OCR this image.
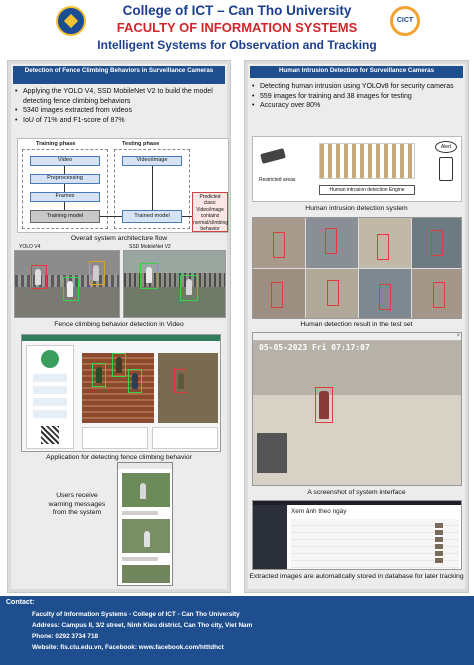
CICT
College of ICT – Can Tho University
FACULTY OF INFORMATION SYSTEMS
Intelligent Systems for Observation and Tracking
Detection of Fence Climbing Behaviors in Surveillance Cameras
• Applying the YOLO V4, SSD MobileNet V2 to build the model detecting fence climbing behaviors
• 5340 images extracted from videos
• IoU of 71% and F1-score of 87%
Training phase	Testing phase
Video
Preprocessing
Frames
Training model
Video/image
Trained model
Predicted class: Video/image contains normal/climbing behavior
Overall system architecture flow
YOLO V4	SSD MobileNet V2
Fence climbing behavior detection in Video
Application for detecting fence climbing behavior
Users receive warning messages from the system
Human Intrusion Detection for Surveillance Cameras
• Detecting human intrusion using YOLOv8 for security cameras
• 559 images for training and 38 images for testing
• Accuracy over 80%
Restricted areas
Human intrusion detection Engine
Alert
Human intrusion detection system
Human detection result in the test set
×
05-05-2023 Fri 07:17:07
A screenshot of system interface
Xem ảnh theo ngày
Extracted images are automatically stored in database for later tracking
Contact:
Faculty of Information Systems - College of ICT - Can Tho University
Address: Campus II, 3/2 street, Ninh Kieu district, Can Tho city, Viet Nam
Phone: 0292 3734 718
Website: fis.ctu.edu.vn, Facebook: www.facebook.com/htttdhct
